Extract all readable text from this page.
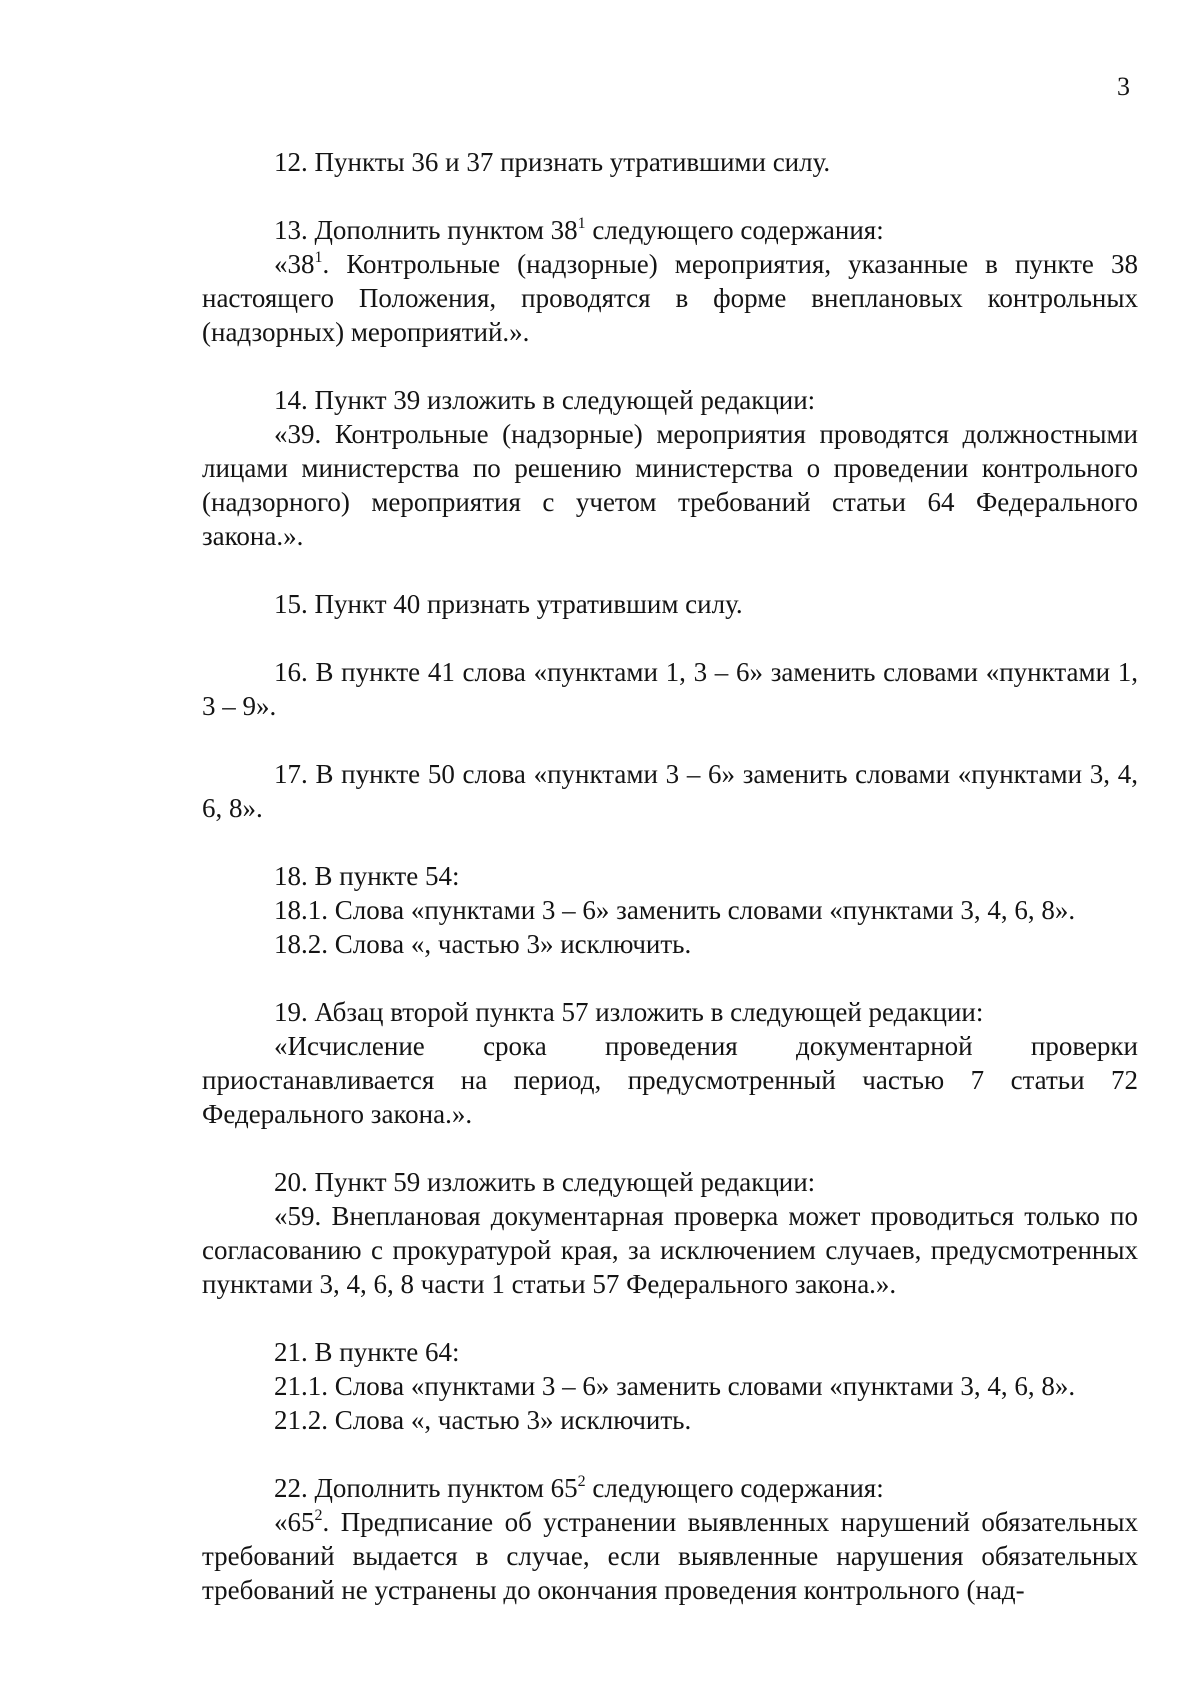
3

12. Пункты 36 и 37 признать утратившими силу.

13. Дополнить пунктом $38^1$ следующего содержания:

«$38^1$. Контрольные (надзорные) мероприятия, указанные в пункте 38 настоящего Положения, проводятся в форме внеплановых контрольных (надзорных) мероприятий.».

14. Пункт 39 изложить в следующей редакции:

«39. Контрольные (надзорные) мероприятия проводятся должностными лицами министерства по решению министерства о проведении контрольного (надзорного) мероприятия с учетом требований статьи 64 Федерального закона.».

15. Пункт 40 признать утратившим силу.

16. В пункте 41 слова «пунктами 1, 3 – 6» заменить словами «пунктами 1, 3 – 9».

17. В пункте 50 слова «пунктами 3 – 6» заменить словами «пунктами 3, 4, 6, 8».

18. В пункте 54:

18.1. Слова «пунктами 3 – 6» заменить словами «пунктами 3, 4, 6, 8».

18.2. Слова «, частью 3» исключить.

19. Абзац второй пункта 57 изложить в следующей редакции:

«Исчисление срока проведения документарной проверки приостанавливается на период, предусмотренный частью 7 статьи 72 Федерального закона.».

20. Пункт 59 изложить в следующей редакции:

«59. Внеплановая документарная проверка может проводиться только по согласованию с прокуратурой края, за исключением случаев, предусмотренных пунктами 3, 4, 6, 8 части 1 статьи 57 Федерального закона.».

21. В пункте 64:

21.1. Слова «пунктами 3 – 6» заменить словами «пунктами 3, 4, 6, 8».

21.2. Слова «, частью 3» исключить.

22. Дополнить пунктом $65^2$ следующего содержания:

«$65^2$. Предписание об устранении выявленных нарушений обязательных требований выдается в случае, если выявленные нарушения обязательных требований не устранены до окончания проведения контрольного (над-
